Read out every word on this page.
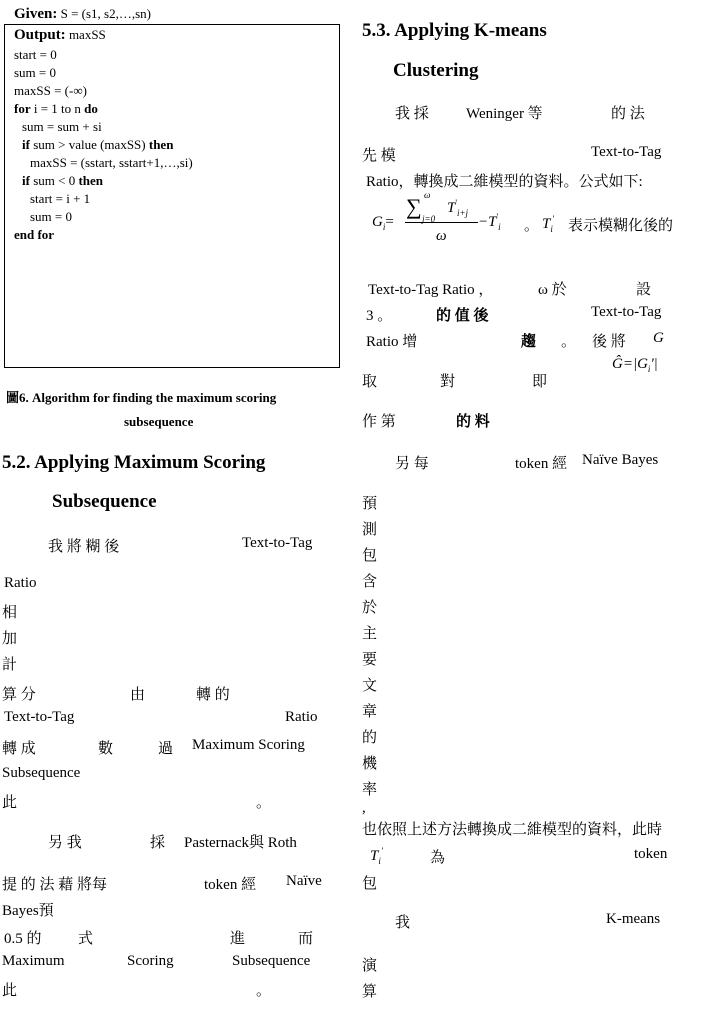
Given: S = (s1, s2,…,sn)
Output: maxSS
start = 0
sum = 0
maxSS = (-∞)
for i = 1 to n do
sum = sum + si
if sum > value (maxSS) then
maxSS = (sstart, sstart+1,…,si)
if sum < 0 then
start = i + 1
sum = 0
end for
圖6. Algorithm for finding the maximum scoring
subsequence
5.2. Applying Maximum Scoring
Subsequence
我 將 糊 後	Text-to-Tag
Ratio
相
加
計
算 分	由	轉 的
Text-to-Tag	Ratio
轉 成	數	過 Maximum Scoring
Subsequence
此	。
另 我	採 Pasternack與 Roth
提 的 法 藉 將每	token 經 Naïve
Bayes預
0.5 的 式	進	而
Maximum	Scoring	Subsequence
此	。
5.3. Applying K-means
Clustering
我 採 Weninger 等	的 法
先 模	Text-to-Tag
Ratio，轉換成二維模型的資料。公式如下:
$G_i=$
∑ ω
j=0
$T'_{i+j}$
ω
$-T'_i$ 。 $T_i'$ 表示模糊化後的
Text-to-Tag Ratio ，	ω 於	設
3 。	的 值 後	Text-to-Tag
Ratio 增	趨 。 後 將 G
取	對	即
$Ĝ=|G_i'|$
作 第	的 料
另 每	token 經 Naïve Bayes
預
測
包
含
於
主
要
文
章
的
機
率
,
也依照上述方法轉換成二維模型的資料，此時
$T_i'$	為	token
包
我	K-means
演
算
